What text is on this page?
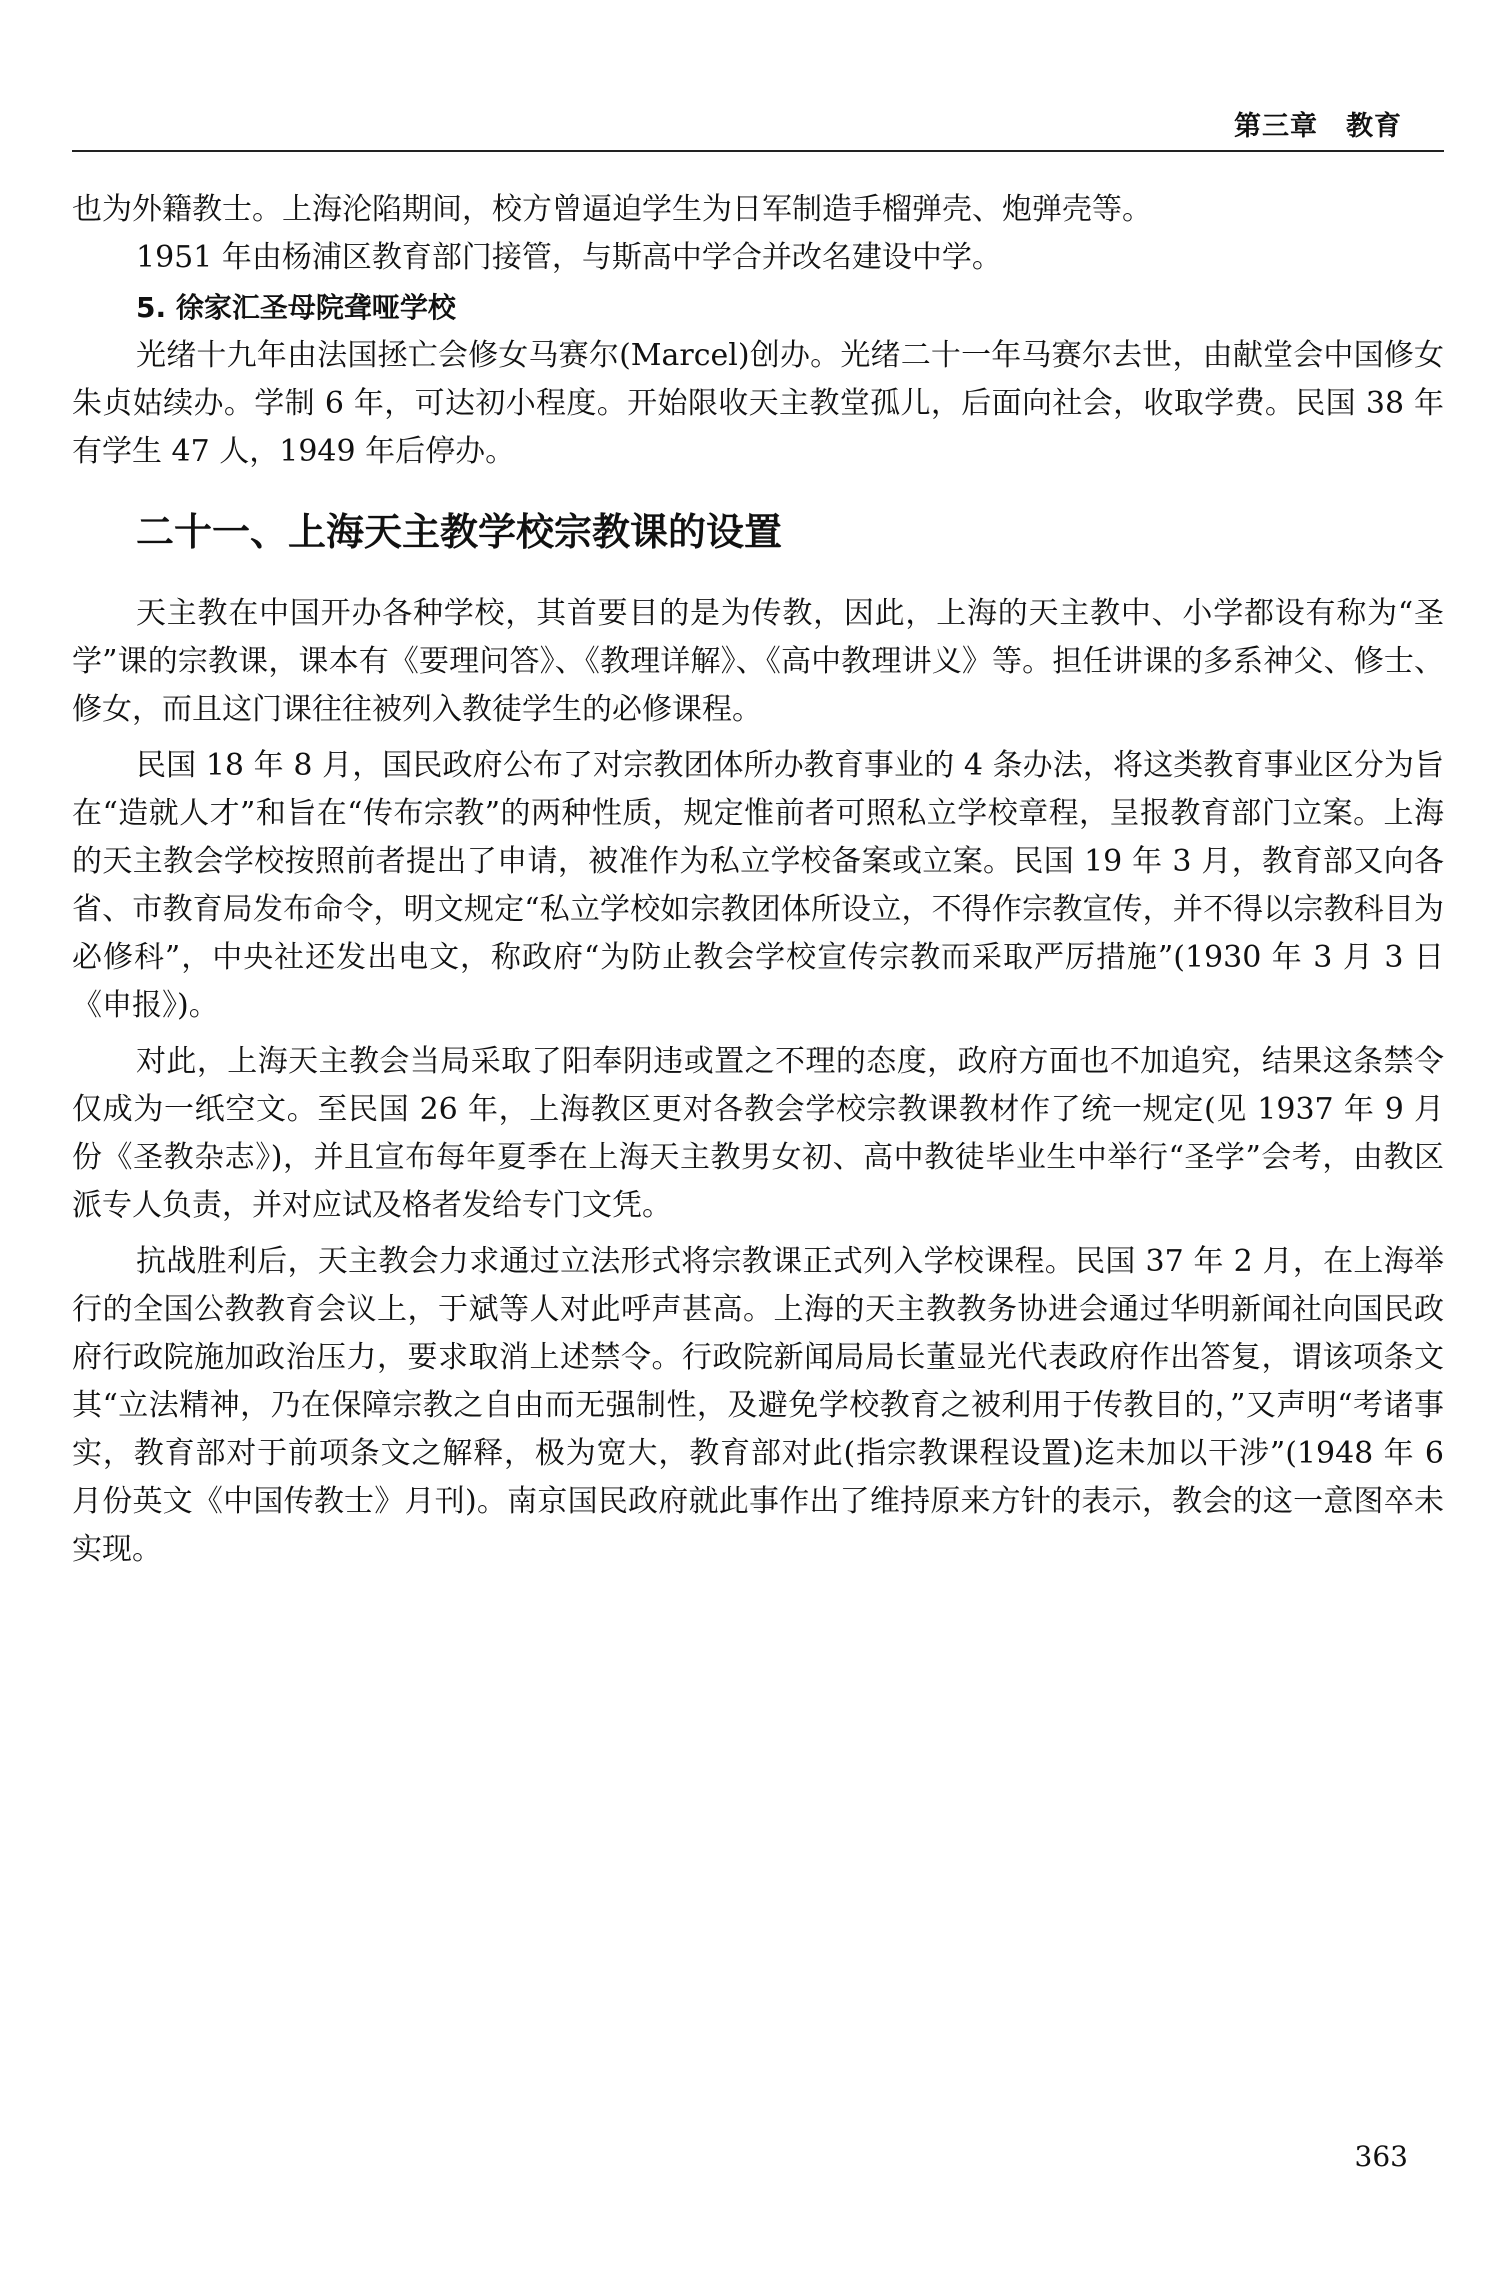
第三章　教育

也为外籍教士。上海沦陷期间，校方曾逼迫学生为日军制造手榴弹壳、炮弹壳等。

1951 年由杨浦区教育部门接管，与斯高中学合并改名建设中学。

5. 徐家汇圣母院聋哑学校

光绪十九年由法国拯亡会修女马赛尔(Marcel)创办。光绪二十一年马赛尔去世，由献堂会中国修女朱贞姑续办。学制 6 年，可达初小程度。开始限收天主教堂孤儿，后面向社会，收取学费。民国 38 年有学生 47 人，1949 年后停办。

二十一、上海天主教学校宗教课的设置

天主教在中国开办各种学校，其首要目的是为传教，因此，上海的天主教中、小学都设有称为“圣学”课的宗教课，课本有《要理问答》、《教理详解》、《高中教理讲义》等。担任讲课的多系神父、修士、修女，而且这门课往往被列入教徒学生的必修课程。

民国 18 年 8 月，国民政府公布了对宗教团体所办教育事业的 4 条办法，将这类教育事业区分为旨在“造就人才”和旨在“传布宗教”的两种性质，规定惟前者可照私立学校章程，呈报教育部门立案。上海的天主教会学校按照前者提出了申请，被准作为私立学校备案或立案。民国 19 年 3 月，教育部又向各省、市教育局发布命令，明文规定“私立学校如宗教团体所设立，不得作宗教宣传，并不得以宗教科目为必修科”，中央社还发出电文，称政府“为防止教会学校宣传宗教而采取严厉措施”(1930 年 3 月 3 日《申报》)。

对此，上海天主教会当局采取了阳奉阴违或置之不理的态度，政府方面也不加追究，结果这条禁令仅成为一纸空文。至民国 26 年，上海教区更对各教会学校宗教课教材作了统一规定(见 1937 年 9 月份《圣教杂志》)，并且宣布每年夏季在上海天主教男女初、高中教徒毕业生中举行“圣学”会考，由教区派专人负责，并对应试及格者发给专门文凭。

抗战胜利后，天主教会力求通过立法形式将宗教课正式列入学校课程。民国 37 年 2 月，在上海举行的全国公教教育会议上，于斌等人对此呼声甚高。上海的天主教教务协进会通过华明新闻社向国民政府行政院施加政治压力，要求取消上述禁令。行政院新闻局局长董显光代表政府作出答复，谓该项条文其“立法精神，乃在保障宗教之自由而无强制性，及避免学校教育之被利用于传教目的，”又声明“考诸事实，教育部对于前项条文之解释，极为宽大，教育部对此(指宗教课程设置)迄未加以干涉”(1948 年 6 月份英文《中国传教士》月刊)。南京国民政府就此事作出了维持原来方针的表示，教会的这一意图卒未实现。

363
